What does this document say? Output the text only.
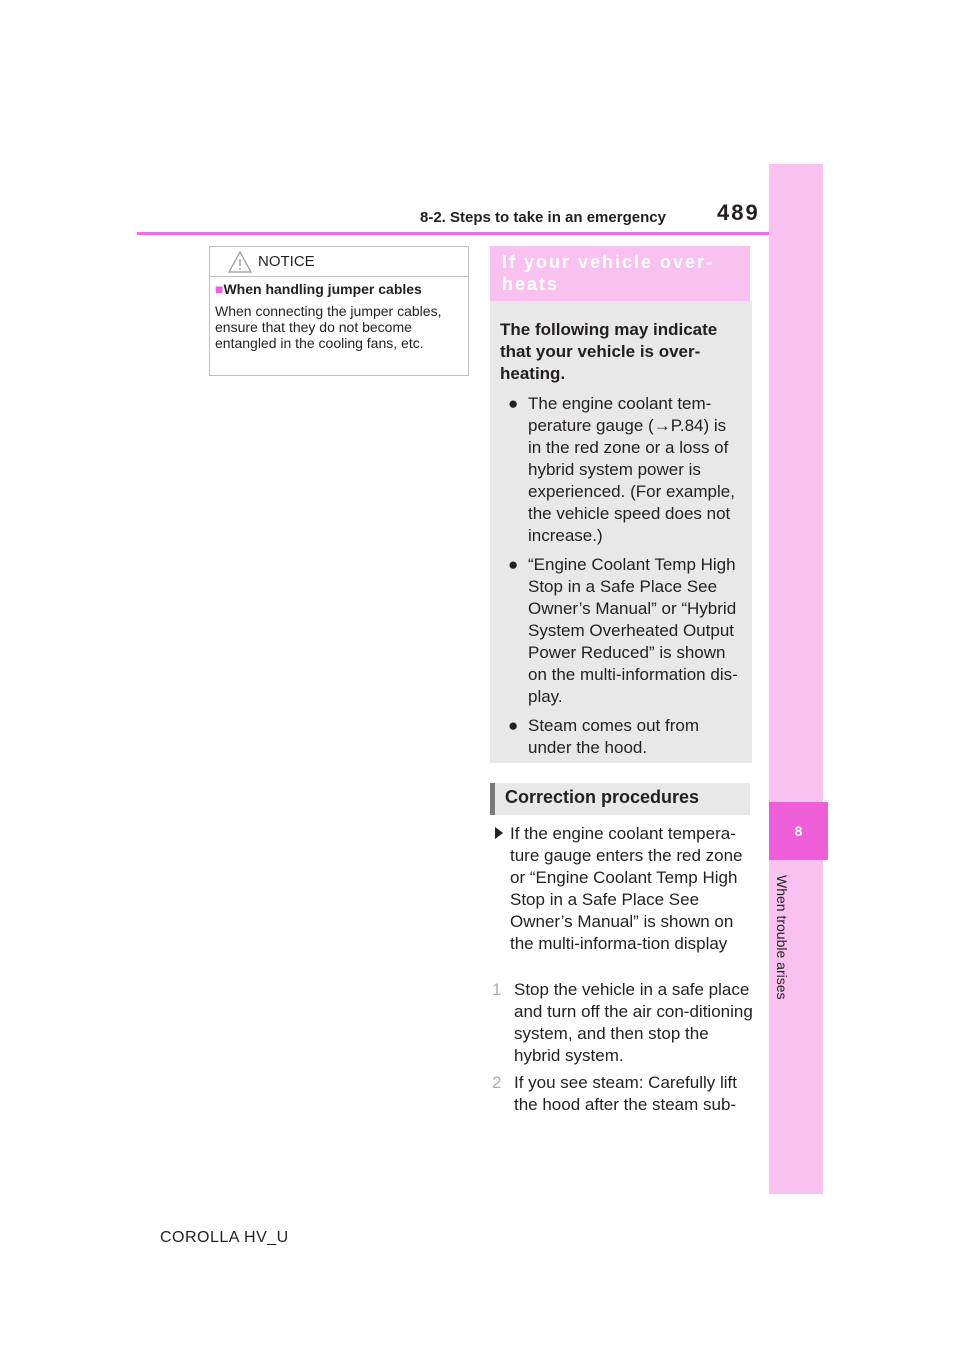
8-2. Steps to take in an emergency 489
8
When trouble arises
NOTICE
■When handling jumper cables
When connecting the jumper cables, ensure that they do not become entangled in the cooling fans, etc.
If your vehicle over-
heats
The following may indicate that your vehicle is over-heating.
● The engine coolant tem-perature gauge (→P.84) is in the red zone or a loss of hybrid system power is experienced. (For example, the vehicle speed does not increase.)
● “Engine Coolant Temp High Stop in a Safe Place See Owner’s Manual” or “Hybrid System Overheated Output Power Reduced” is shown on the multi-information dis-play.
● Steam comes out from under the hood.
Correction procedures
If the engine coolant tempera-ture gauge enters the red zone or “Engine Coolant Temp High Stop in a Safe Place See Owner’s Manual” is shown on the multi-informa-tion display
1 Stop the vehicle in a safe place and turn off the air con-ditioning system, and then stop the hybrid system.
2 If you see steam: Carefully lift the hood after the steam sub-
COROLLA HV_U
